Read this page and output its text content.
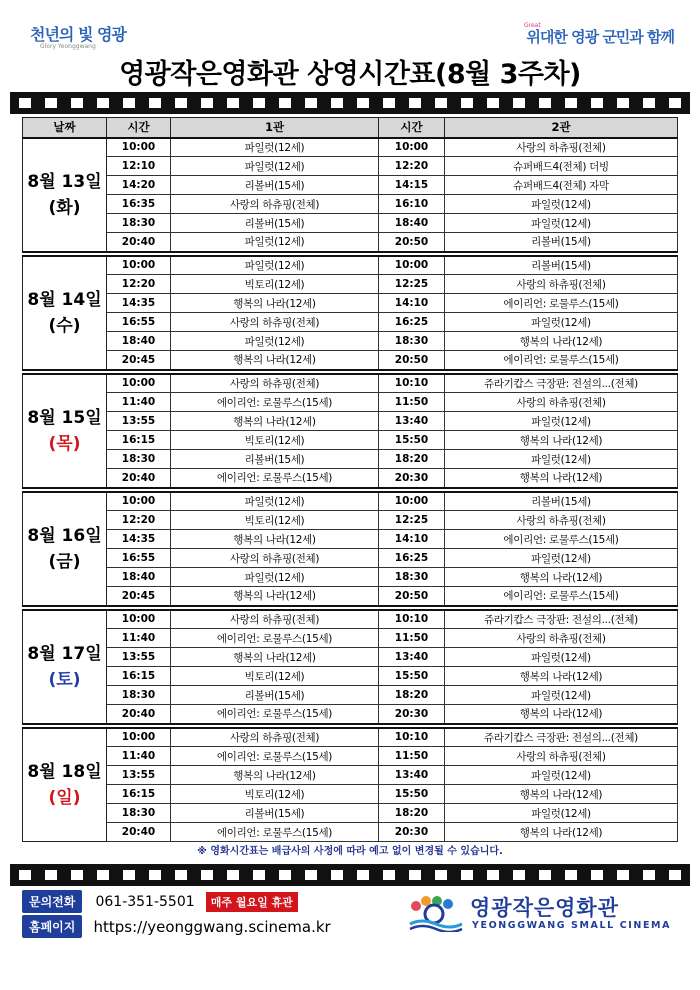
천년의 빛 영광
Glory Yeonggwang
Great
위대한 영광 군민과 함께
영광작은영화관 상영시간표(8월 3주차)
날짜	시간	1관	시간	2관

8월 13일
(화)	10:00	파일럿(12세)	10:00	사랑의 하츄핑(전체)
	12:10	파일럿(12세)	12:20	슈퍼배드4(전체) 더빙
	14:20	리볼버(15세)	14:15	슈퍼배드4(전체) 자막
	16:35	사랑의 하츄핑(전체)	16:10	파일럿(12세)
	18:30	리볼버(15세)	18:40	파일럿(12세)
	20:40	파일럿(12세)	20:50	리볼버(15세)

8월 14일
(수)	10:00	파일럿(12세)	10:00	리볼버(15세)
	12:20	빅토리(12세)	12:25	사랑의 하츄핑(전체)
	14:35	행복의 나라(12세)	14:10	에이리언: 로물루스(15세)
	16:55	사랑의 하츄핑(전체)	16:25	파일럿(12세)
	18:40	파일럿(12세)	18:30	행복의 나라(12세)
	20:45	행복의 나라(12세)	20:50	에이리언: 로물루스(15세)

8월 15일
(목)	10:00	사랑의 하츄핑(전체)	10:10	쥬라기캅스 극장판: 전설의...(전체)
	11:40	에이리언: 로물루스(15세)	11:50	사랑의 하츄핑(전체)
	13:55	행복의 나라(12세)	13:40	파일럿(12세)
	16:15	빅토리(12세)	15:50	행복의 나라(12세)
	18:30	리볼버(15세)	18:20	파일럿(12세)
	20:40	에이리언: 로물루스(15세)	20:30	행복의 나라(12세)

8월 16일
(금)	10:00	파일럿(12세)	10:00	리볼버(15세)
	12:20	빅토리(12세)	12:25	사랑의 하츄핑(전체)
	14:35	행복의 나라(12세)	14:10	에이리언: 로물루스(15세)
	16:55	사랑의 하츄핑(전체)	16:25	파일럿(12세)
	18:40	파일럿(12세)	18:30	행복의 나라(12세)
	20:45	행복의 나라(12세)	20:50	에이리언: 로물루스(15세)

8월 17일
(토)	10:00	사랑의 하츄핑(전체)	10:10	쥬라기캅스 극장판: 전설의...(전체)
	11:40	에이리언: 로물루스(15세)	11:50	사랑의 하츄핑(전체)
	13:55	행복의 나라(12세)	13:40	파일럿(12세)
	16:15	빅토리(12세)	15:50	행복의 나라(12세)
	18:30	리볼버(15세)	18:20	파일럿(12세)
	20:40	에이리언: 로물루스(15세)	20:30	행복의 나라(12세)

8월 18일
(일)	10:00	사랑의 하츄핑(전체)	10:10	쥬라기캅스 극장판: 전설의...(전체)
	11:40	에이리언: 로물루스(15세)	11:50	사랑의 하츄핑(전체)
	13:55	행복의 나라(12세)	13:40	파일럿(12세)
	16:15	빅토리(12세)	15:50	행복의 나라(12세)
	18:30	리볼버(15세)	18:20	파일럿(12세)
	20:40	에이리언: 로물루스(15세)	20:30	행복의 나라(12세)
※ 영화시간표는 배급사의 사정에 따라 예고 없이 변경될 수 있습니다.
문의전화 061-351-5501 매주 월요일 휴관
홈페이지 https://yeonggwang.scinema.kr
영광작은영화관
YEONGGWANG SMALL CINEMA
